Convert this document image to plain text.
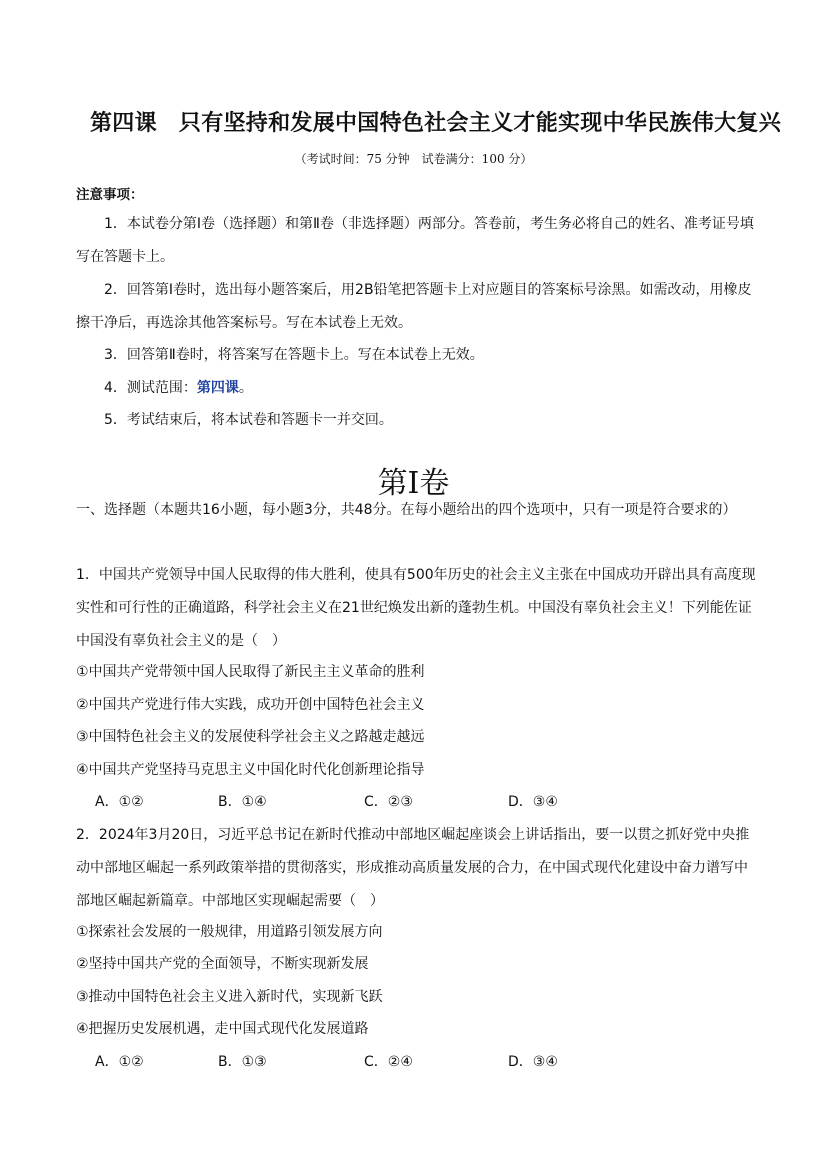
第四课 只有坚持和发展中国特色社会主义才能实现中华民族伟大复兴
（考试时间：75 分钟　试卷满分：100 分）
注意事项：

1．本试卷分第Ⅰ卷（选择题）和第Ⅱ卷（非选择题）两部分。答卷前，考生务必将自己的姓名、准考证号填写在答题卡上。

2．回答第Ⅰ卷时，选出每小题答案后，用2B铅笔把答题卡上对应题目的答案标号涂黑。如需改动，用橡皮擦干净后，再选涂其他答案标号。写在本试卷上无效。

3．回答第Ⅱ卷时，将答案写在答题卡上。写在本试卷上无效。

4．测试范围：第四课。

5．考试结束后，将本试卷和答题卡一并交回。

第I卷

一、选择题（本题共16小题，每小题3分，共48分。在每小题给出的四个选项中，只有一项是符合要求的）

1．中国共产党领导中国人民取得的伟大胜利，使具有500年历史的社会主义主张在中国成功开辟出具有高度现实性和可行性的正确道路，科学社会主义在21世纪焕发出新的蓬勃生机。中国没有辜负社会主义！下列能佐证中国没有辜负社会主义的是（　）

①中国共产党带领中国人民取得了新民主主义革命的胜利
②中国共产党进行伟大实践，成功开创中国特色社会主义
③中国特色社会主义的发展使科学社会主义之路越走越远
④中国共产党坚持马克思主义中国化时代化创新理论指导
A．①②	B．①④	C．②③	D．③④

2．2024年3月20日，习近平总书记在新时代推动中部地区崛起座谈会上讲话指出，要一以贯之抓好党中央推动中部地区崛起一系列政策举措的贯彻落实，形成推动高质量发展的合力，在中国式现代化建设中奋力谱写中部地区崛起新篇章。中部地区实现崛起需要（　）

①探索社会发展的一般规律，用道路引领发展方向
②坚持中国共产党的全面领导，不断实现新发展
③推动中国特色社会主义进入新时代，实现新飞跃
④把握历史发展机遇，走中国式现代化发展道路
A．①②	B．①③	C．②④	D．③④
